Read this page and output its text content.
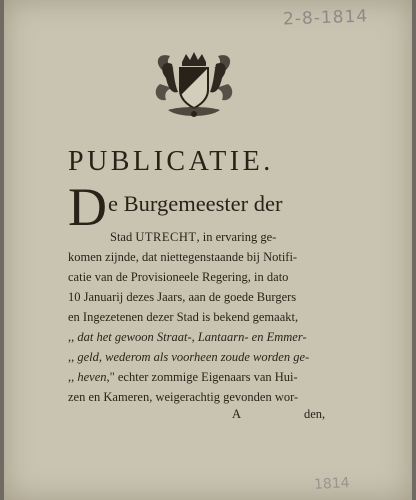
2-8-1814
PUBLICATIE.
D e Burgemeester der
Stad UTRECHT, in ervaring ge-
komen zijnde, dat niettegenstaande bij Notifi-
catie van de Provisioneele Regering, in dato
10 Januarij dezes Jaars, aan de goede Burgers
en Ingezetenen dezer Stad is bekend gemaakt,
,, dat het gewoon Straat-, Lantaarn- en Emmer-
,, geld, wederom als voorheen zoude worden ge-
,, heven," echter zommige Eigenaars van Hui-
zen en Kameren, weigerachtig gevonden wor-
A	den,
1814
